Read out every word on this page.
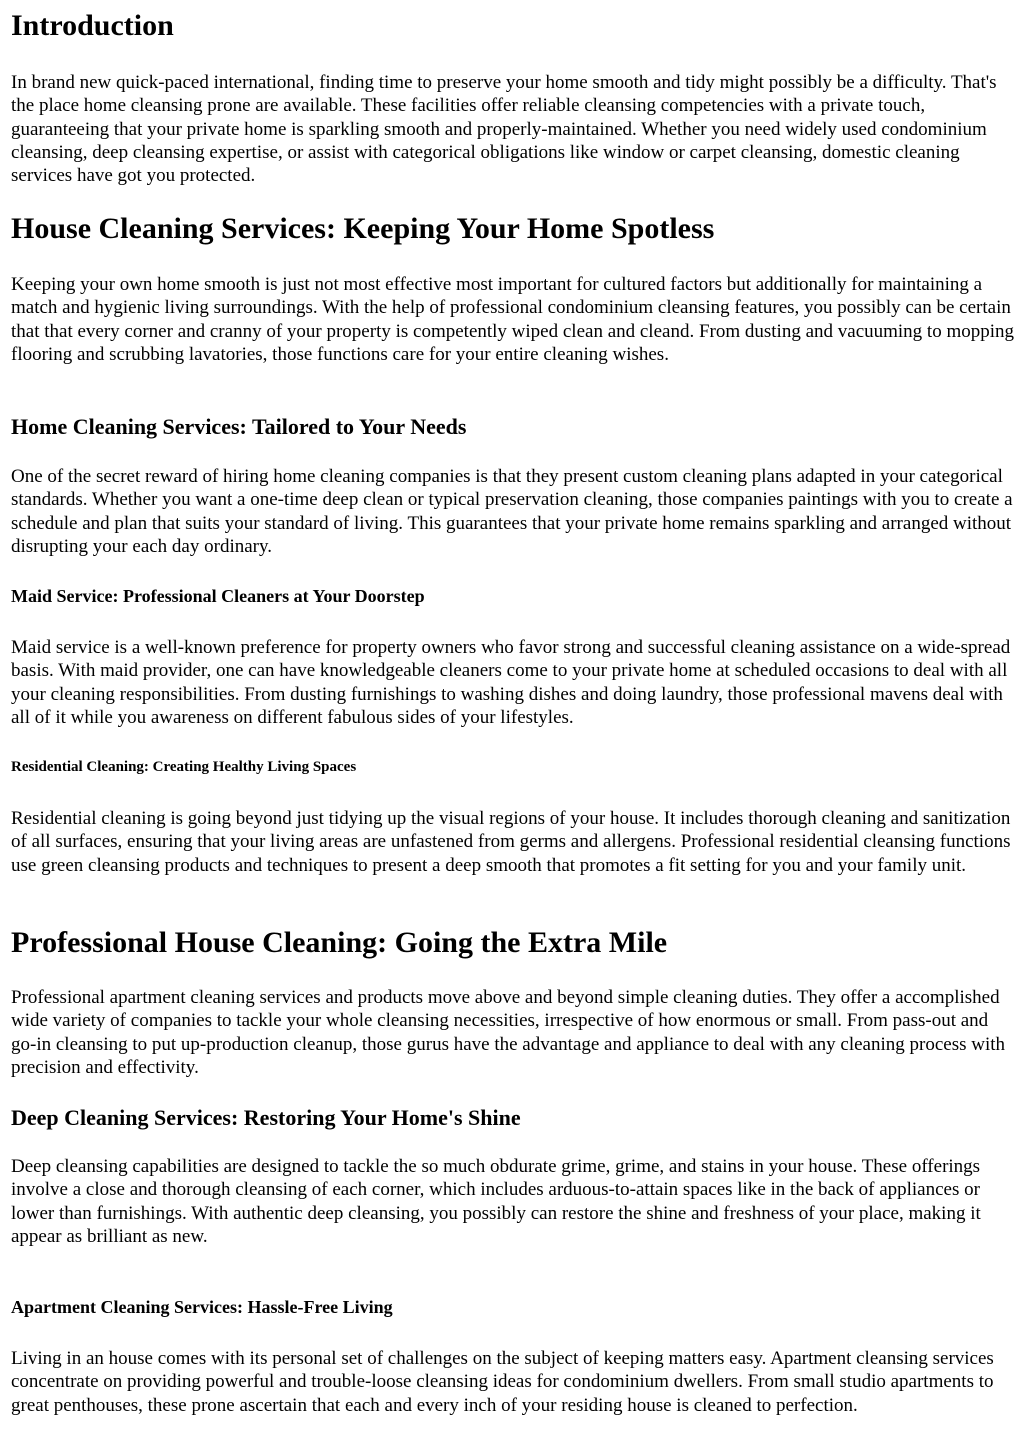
Introduction

In brand new quick-paced international, finding time to preserve your home smooth and tidy might possibly be a difficulty. That's the place home cleansing prone are available. These facilities offer reliable cleansing competencies with a private touch, guaranteeing that your private home is sparkling smooth and properly-maintained. Whether you need widely used condominium cleansing, deep cleansing expertise, or assist with categorical obligations like window or carpet cleansing, domestic cleaning services have got you protected.

House Cleaning Services: Keeping Your Home Spotless

Keeping your own home smooth is just not most effective most important for cultured factors but additionally for maintaining a match and hygienic living surroundings. With the help of professional condominium cleansing features, you possibly can be certain that that every corner and cranny of your property is competently wiped clean and cleand. From dusting and vacuuming to mopping flooring and scrubbing lavatories, those functions care for your entire cleaning wishes.

Home Cleaning Services: Tailored to Your Needs

One of the secret reward of hiring home cleaning companies is that they present custom cleaning plans adapted in your categorical standards. Whether you want a one-time deep clean or typical preservation cleaning, those companies paintings with you to create a schedule and plan that suits your standard of living. This guarantees that your private home remains sparkling and arranged without disrupting your each day ordinary.

Maid Service: Professional Cleaners at Your Doorstep

Maid service is a well-known preference for property owners who favor strong and successful cleaning assistance on a wide-spread basis. With maid provider, one can have knowledgeable cleaners come to your private home at scheduled occasions to deal with all your cleaning responsibilities. From dusting furnishings to washing dishes and doing laundry, those professional mavens deal with all of it while you awareness on different fabulous sides of your lifestyles.

Residential Cleaning: Creating Healthy Living Spaces

Residential cleaning is going beyond just tidying up the visual regions of your house. It includes thorough cleaning and sanitization of all surfaces, ensuring that your living areas are unfastened from germs and allergens. Professional residential cleansing functions use green cleansing products and techniques to present a deep smooth that promotes a fit setting for you and your family unit.

Professional House Cleaning: Going the Extra Mile

Professional apartment cleaning services and products move above and beyond simple cleaning duties. They offer a accomplished wide variety of companies to tackle your whole cleansing necessities, irrespective of how enormous or small. From pass-out and go-in cleansing to put up-production cleanup, those gurus have the advantage and appliance to deal with any cleaning process with precision and effectivity.

Deep Cleaning Services: Restoring Your Home's Shine

Deep cleansing capabilities are designed to tackle the so much obdurate grime, grime, and stains in your house. These offerings involve a close and thorough cleansing of each corner, which includes arduous-to-attain spaces like in the back of appliances or lower than furnishings. With authentic deep cleansing, you possibly can restore the shine and freshness of your place, making it appear as brilliant as new.

Apartment Cleaning Services: Hassle-Free Living

Living in an house comes with its personal set of challenges on the subject of keeping matters easy. Apartment cleansing services concentrate on providing powerful and trouble-loose cleansing ideas for condominium dwellers. From small studio apartments to great penthouses, these prone ascertain that each and every inch of your residing house is cleaned to perfection.
